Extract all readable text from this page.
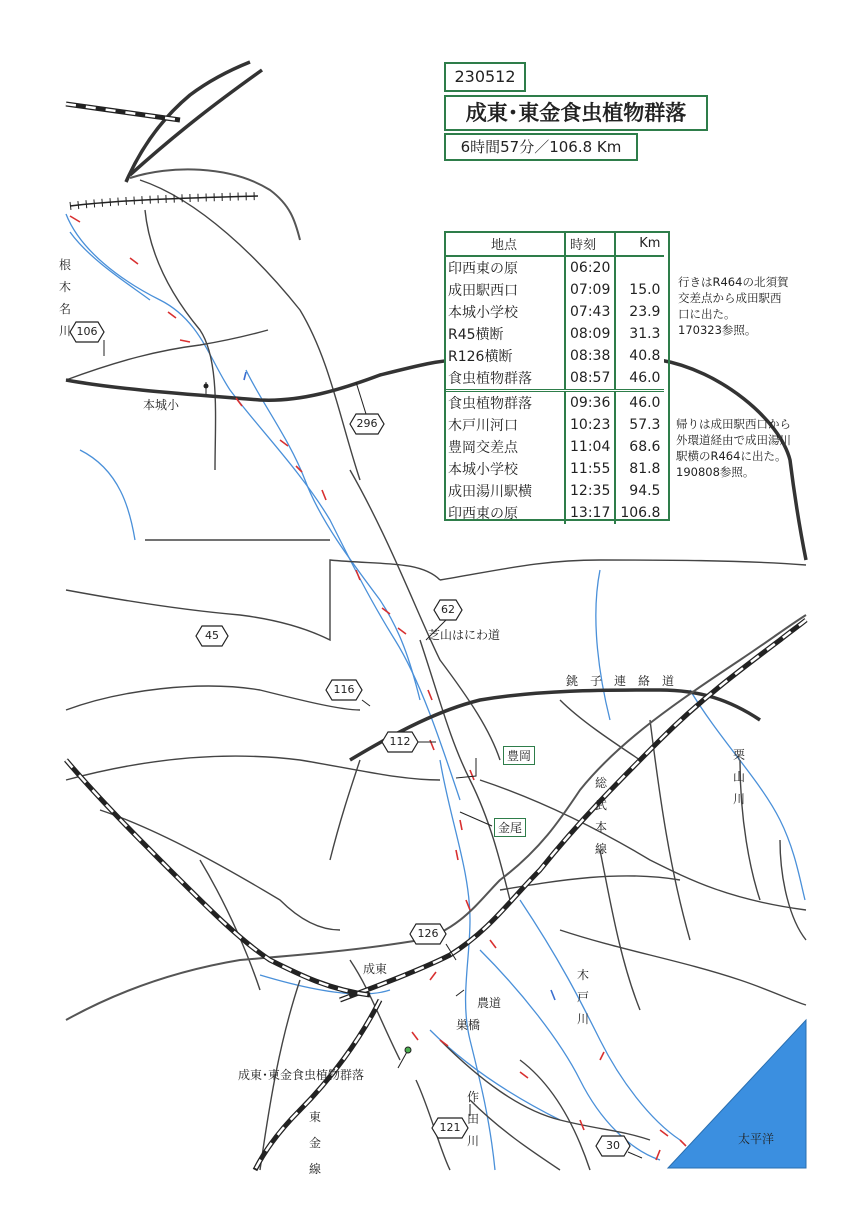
230512
成東･東金食虫植物群落
6時間57分／106.8 Km
地点	時刻	Km
印西東の原	06:20	
成田駅西口	07:09	15.0
本城小学校	07:43	23.9
R45横断	08:09	31.3
R126横断	08:38	40.8
食虫植物群落	08:57	46.0
食虫植物群落	09:36	46.0
木戸川河口	10:23	57.3
豊岡交差点	11:04	68.6
本城小学校	11:55	81.8
成田湯川駅横	12:35	94.5
印西東の原	13:17	106.8
行きはR464の北須賀
交差点から成田駅西
口に出た。
170323参照。
帰りは成田駅西口から
外環道経由で成田湯川
駅横のR464に出た。
190808参照。
106
296
62
45
116
112
126
121
30
根
木
名
川
本城小
芝山はにわ道
銚子連絡道
豊岡
金尾
総
武
本
線
栗
山
川
成東	木
戸
川
農道
巣橋
作
田
川
東
金
線
成東･東金食虫植物群落
太平洋
